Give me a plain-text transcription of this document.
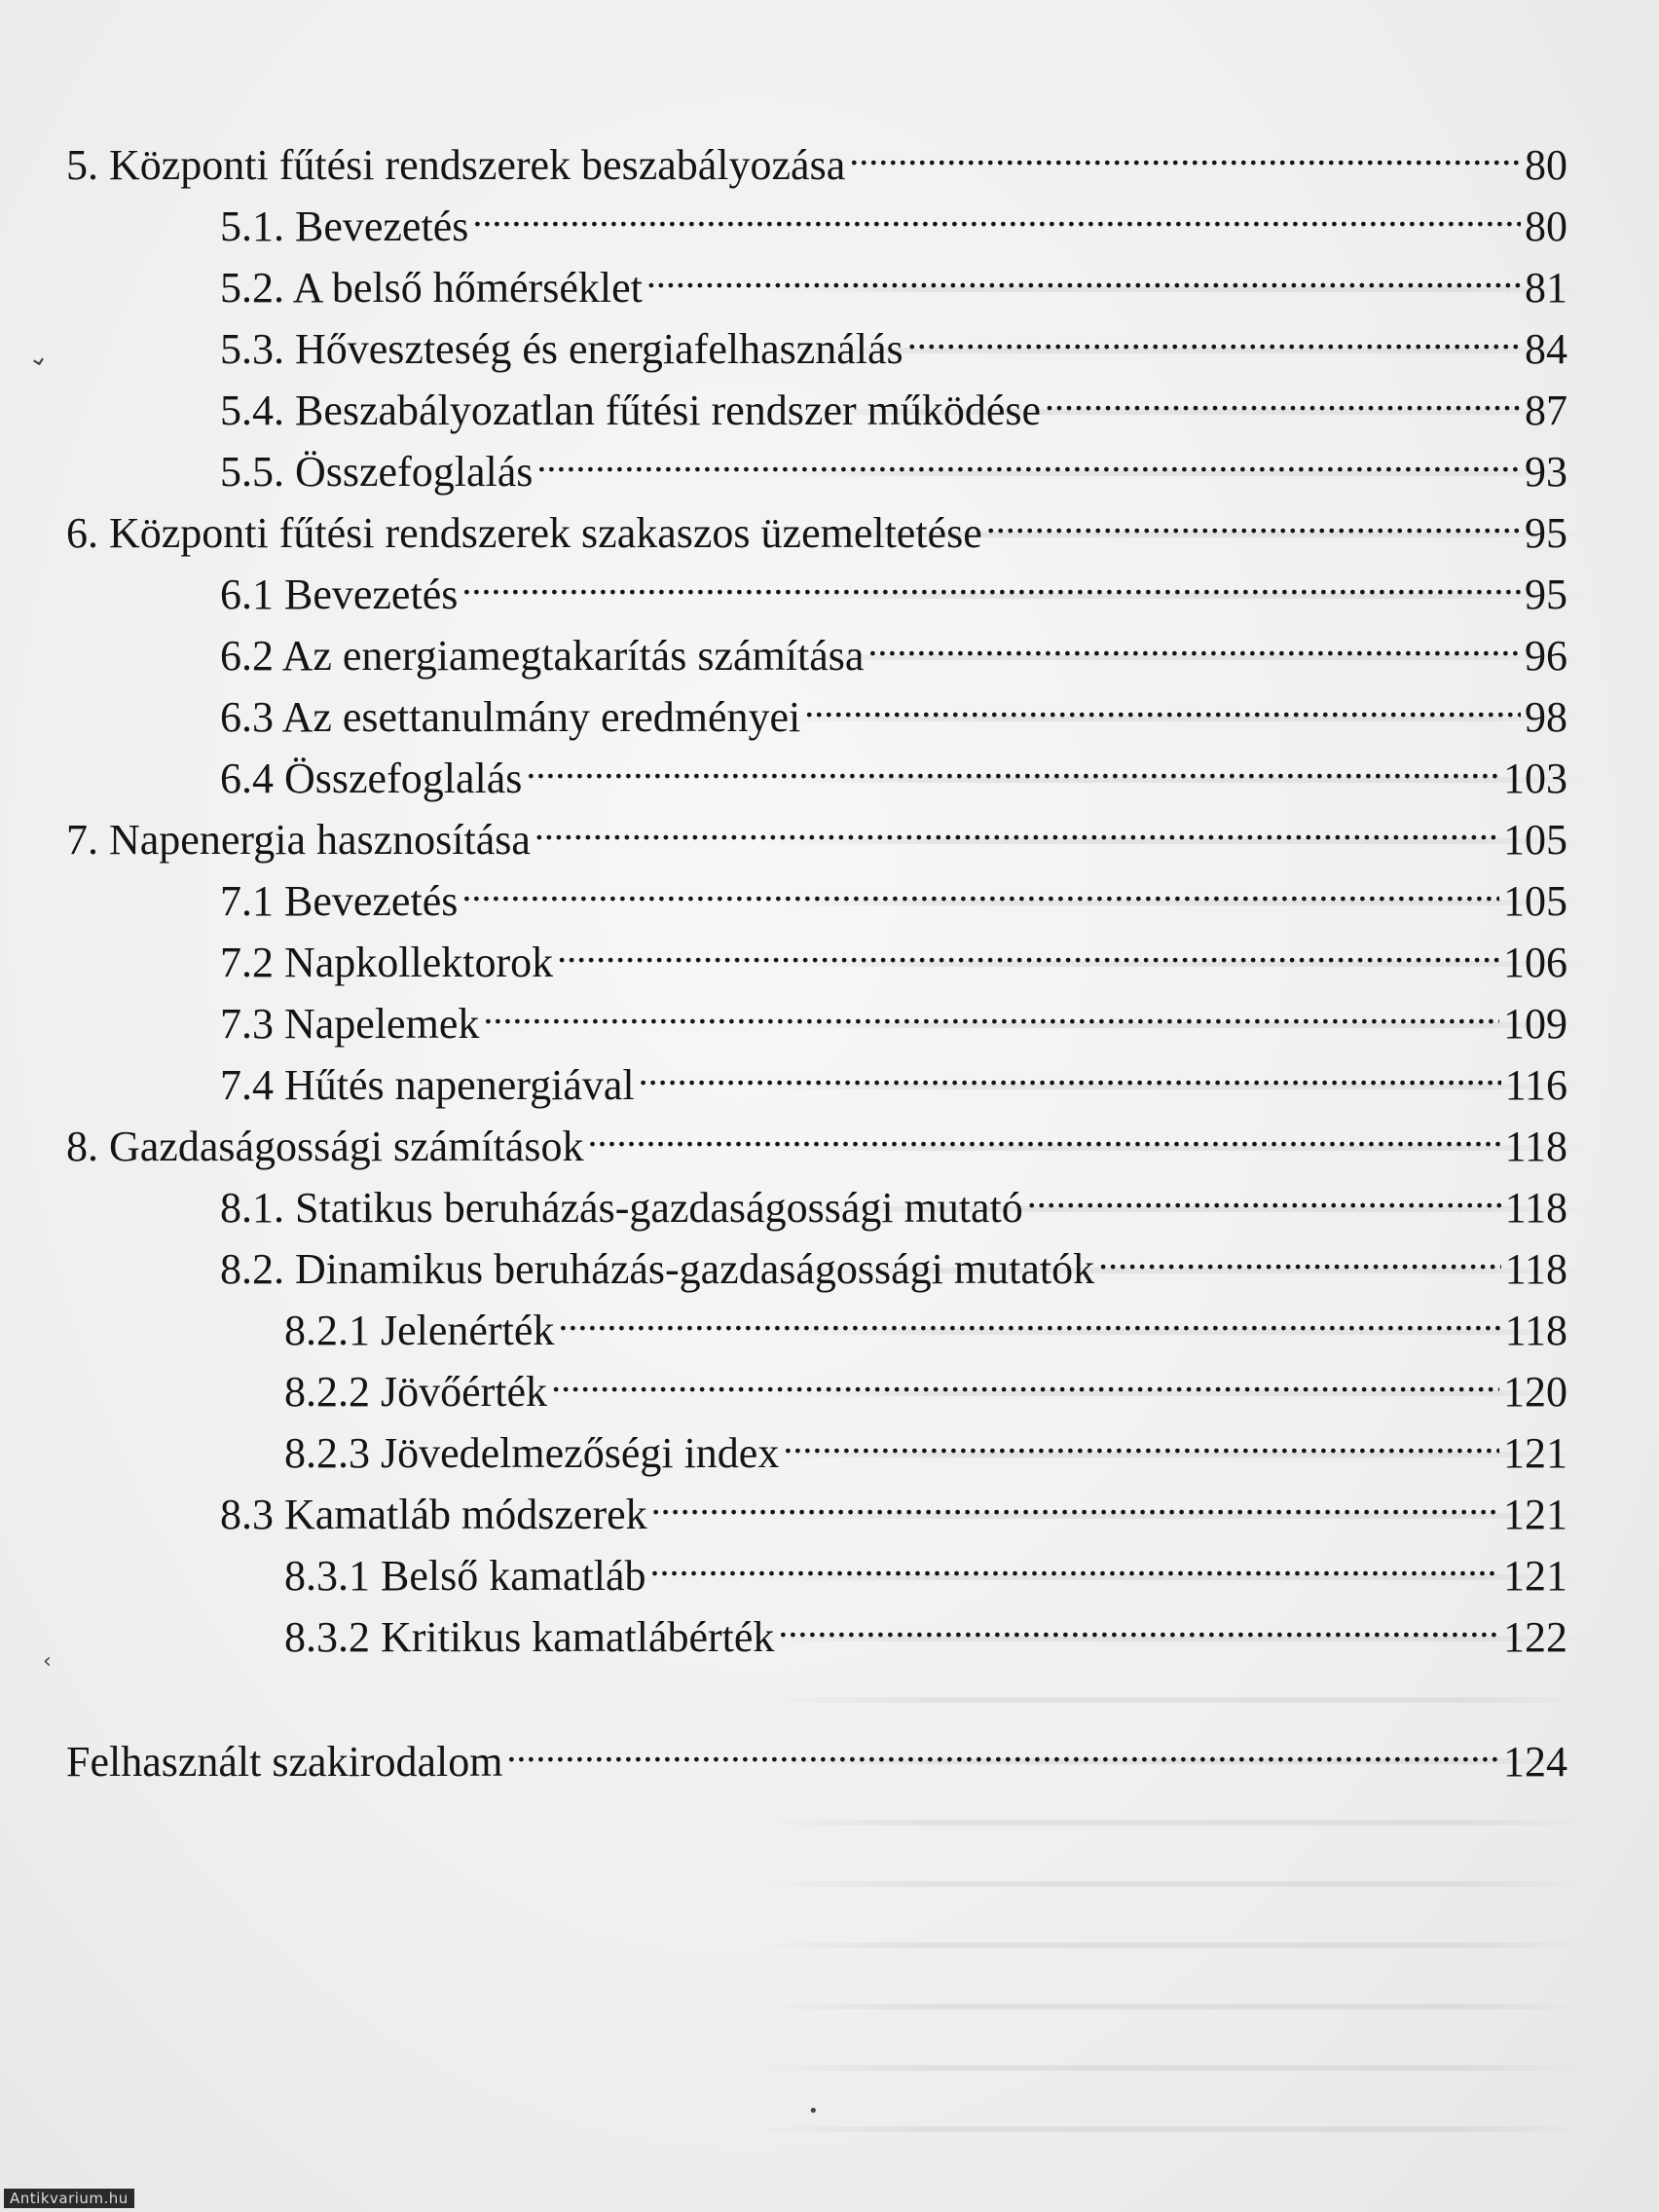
⌄
‹
•
5. Központi fűtési rendszerek beszabályozása . . .	80
5.1. Bevezetés . . .	80
5.2. A belső hőmérséklet . . .	81
5.3. Hőveszteség és energiafelhasználás . . .	84
5.4. Beszabályozatlan fűtési rendszer működése . . .	87
5.5. Összefoglalás . . .	93
6. Központi fűtési rendszerek szakaszos üzemeltetése . . .	95
6.1 Bevezetés . . .	95
6.2 Az energiamegtakarítás számítása . . .	96
6.3 Az esettanulmány eredményei . . .	98
6.4 Összefoglalás . . .	103
7. Napenergia hasznosítása . . .	105
7.1 Bevezetés . . .	105
7.2 Napkollektorok . . .	106
7.3 Napelemek . . .	109
7.4 Hűtés napenergiával . . .	116
8. Gazdaságossági számítások . . .	118
8.1. Statikus beruházás-gazdaságossági mutató . . .	118
8.2. Dinamikus beruházás-gazdaságossági mutatók . . .	118
8.2.1 Jelenérték . . .	118
8.2.2 Jövőérték . . .	120
8.2.3 Jövedelmezőségi index . . .	121
8.3 Kamatláb módszerek . . .	121
8.3.1 Belső kamatláb . . .	121
8.3.2 Kritikus kamatlábérték . . .	122
Felhasznált szakirodalom . . .	124
Antikvarium.hu
